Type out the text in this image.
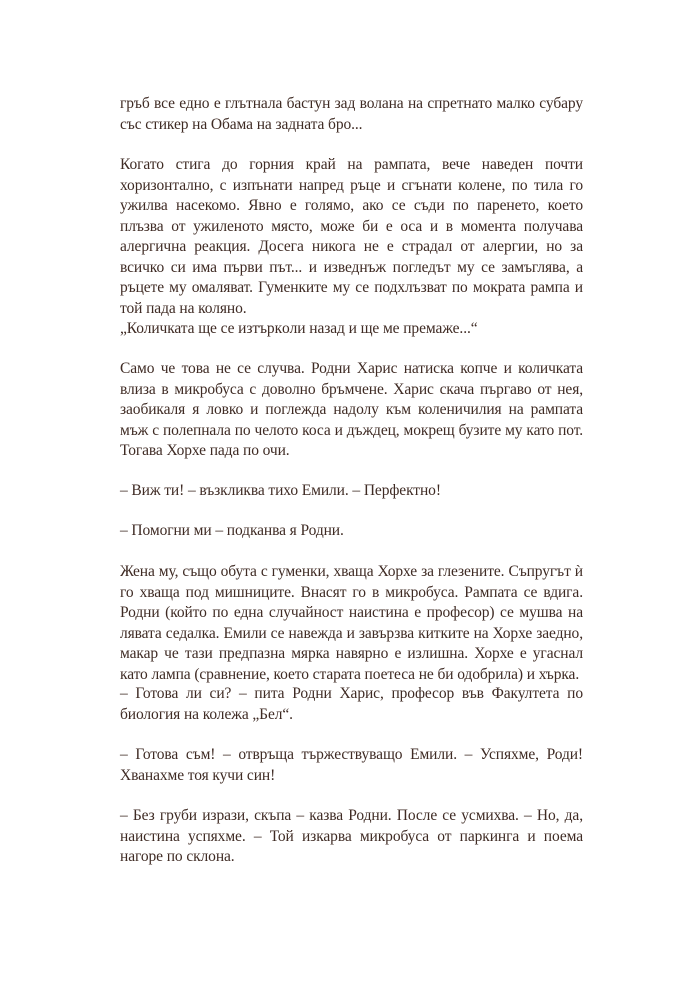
гръб все едно е глътнала бастун зад волана на спретнато малко субару със стикер на Обама на задната бро...

Когато стига до горния край на рампата, вече наведен почти хоризонтално, с изпънати напред ръце и сгънати колене, по тила го ужилва насекомо. Явно е голямо, ако се съди по паренето, което плъзва от ужиленото място, може би е оса и в момента получава алергична реакция. Досега никога не е страдал от алергии, но за всичко си има първи път... и изведнъж погледът му се замъглява, а ръцете му омаляват. Гуменките му се подхлъзват по мократа рампа и той пада на коляно.

„Количката ще се изтъркoли назад и ще ме премаже...“

Само че това не се случва. Родни Харис натиска копче и количката влиза в микробуса с доволно бръмчене. Харис скача пъргаво от нея, заобикаля я ловко и поглежда надолу към коленичилия на рампата мъж с полепнала по челото коса и дъждец, мокрещ бузите му като пот. Тогава Хорхе пада по очи.

– Виж ти! – възкликва тихо Емили. – Перфектно!

– Помогни ми – подканва я Родни.

Жена му, също обута с гуменки, хваща Хорхе за глезените. Съпругът ѝ го хваща под мишниците. Внасят го в микробуса. Рампата се вдига. Родни (който по една случайност наистина е професор) се мушва на лявата седалка. Емили се навежда и завързва китките на Хорхе заедно, макар че тази предпазна мярка навярно е излишна. Хорхе е угаснал като лампа (сравнение, което старата поетеса не би одобрила) и хърка.

– Готова ли си? – пита Родни Харис, професор във Факултета по биология на колежа „Бел“.

– Готова съм! – отвръща тържествуващо Емили. – Успяхме, Роди! Хванахме тоя кучи син!

– Без груби изрази, скъпа – казва Родни. После се усмихва. – Но, да, наистина успяхме. – Той изкарва микробуса от паркинга и поема нагоре по склона.
